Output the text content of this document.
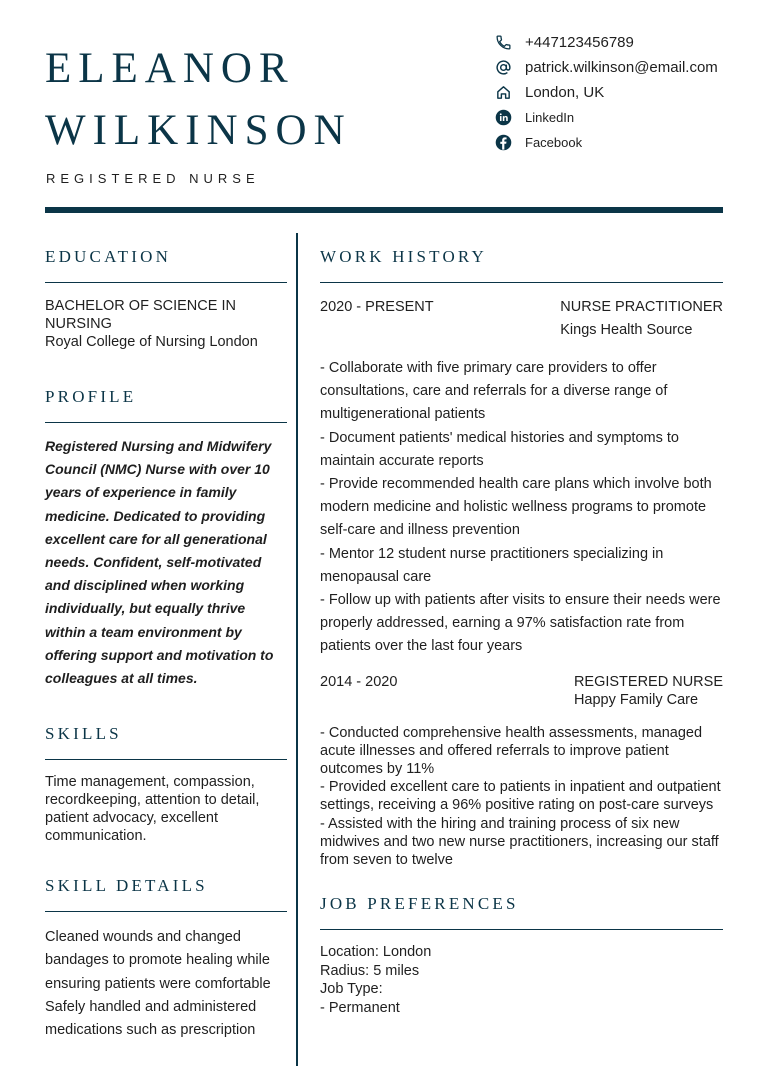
ELEANOR
WILKINSON
REGISTERED NURSE
+447123456789
patrick.wilkinson@email.com
London, UK
LinkedIn
Facebook
EDUCATION
BACHELOR OF SCIENCE IN NURSING
Royal College of Nursing London
PROFILE
Registered Nursing and Midwifery Council (NMC) Nurse with over 10 years of experience in family medicine. Dedicated to providing excellent care for all generational needs. Confident, self-motivated and disciplined when working individually, but equally thrive within a team environment by offering support and motivation to colleagues at all times.
SKILLS
Time management, compassion, recordkeeping, attention to detail, patient advocacy, excellent communication.
SKILL DETAILS
Cleaned wounds and changed bandages to promote healing while ensuring patients were comfortable
Safely handled and administered medications such as prescription
WORK HISTORY
2020 - PRESENT	NURSE PRACTITIONER
Kings Health Source
- Collaborate with five primary care providers to offer consultations, care and referrals for a diverse range of multigenerational patients
- Document patients' medical histories and symptoms to maintain accurate reports
- Provide recommended health care plans which involve both modern medicine and holistic wellness programs to promote self-care and illness prevention
- Mentor 12 student nurse practitioners specializing in menopausal care
- Follow up with patients after visits to ensure their needs were properly addressed, earning a 97% satisfaction rate from patients over the last four years
2014 - 2020	REGISTERED NURSE
Happy Family Care
- Conducted comprehensive health assessments, managed acute illnesses and offered referrals to improve patient outcomes by 11%
- Provided excellent care to patients in inpatient and outpatient settings, receiving a 96% positive rating on post-care surveys
- Assisted with the hiring and training process of six new midwives and two new nurse practitioners, increasing our staff from seven to twelve
JOB PREFERENCES
Location: London
Radius: 5 miles
Job Type:
- Permanent
